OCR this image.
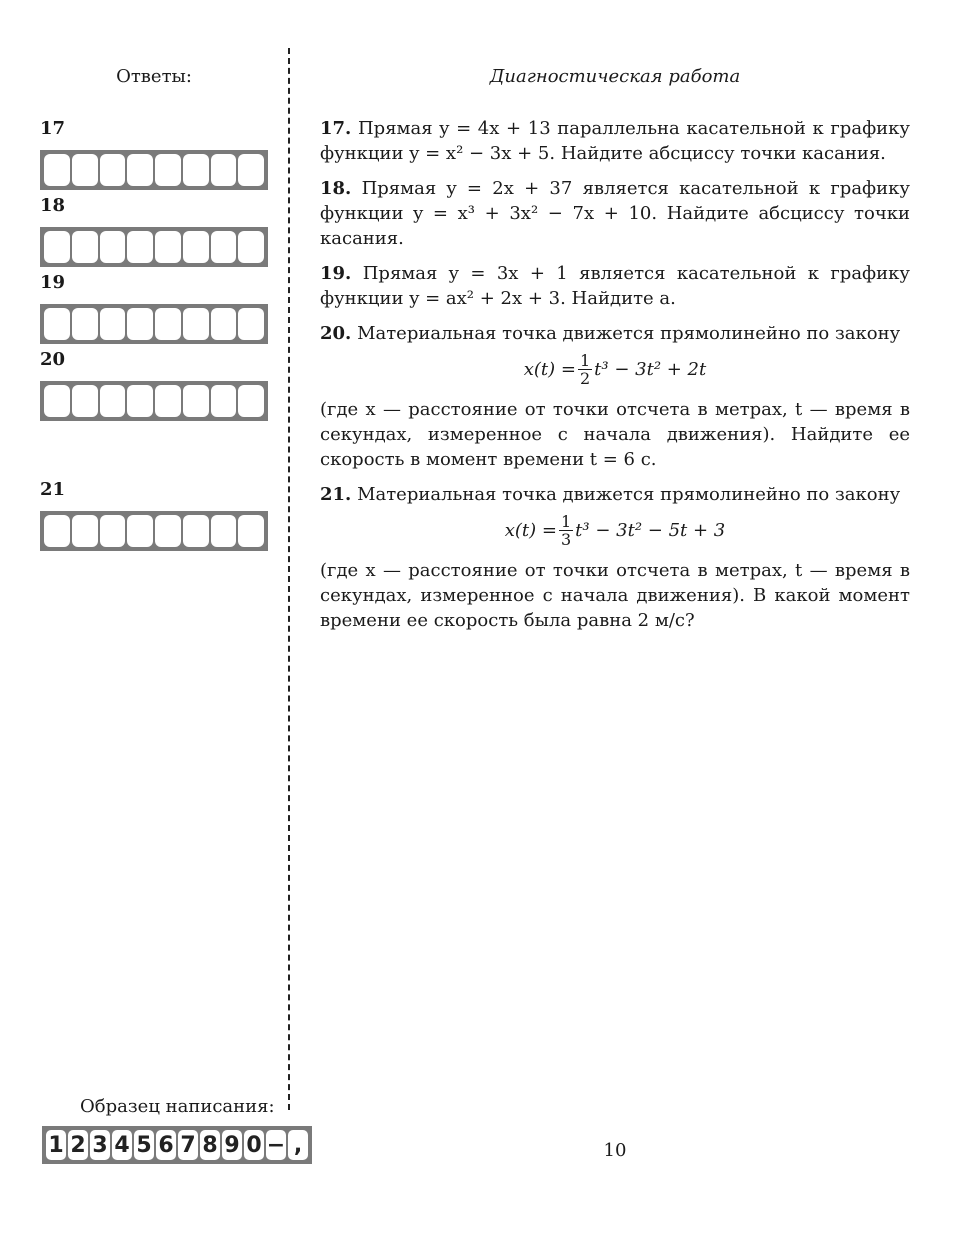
Ответы:	Диагностическая работа
17
18
19
20
21

17. Прямая y = 4x + 13 параллельна касательной к графику функции y = x² − 3x + 5. Найдите абсциссу точки касания.

18. Прямая y = 2x + 37 является касательной к графику функции y = x³ + 3x² − 7x + 10. Найдите абсциссу точки касания.

19. Прямая y = 3x + 1 является касательной к графику функции y = ax² + 2x + 3. Найдите a.

20. Материальная точка движется прямолинейно по закону
$x(t) = \frac{1}{2} t^3 - 3t^2 + 2t$
(где x — расстояние от точки отсчета в метрах, t — время в секундах, измеренное с начала движения). Найдите ее скорость в момент времени t = 6 с.
21. Материальная точка движется прямолинейно по закону
$x(t) = \frac{1}{3} t^3 - 3t^2 - 5t + 3$
(где x — расстояние от точки отсчета в метрах, t — время в секундах, измеренное с начала движения). В какой момент времени ее скорость была равна 2 м/с?
Образец написания:
1 2 3 4 5 6 7 8 9 0 − ,	10
